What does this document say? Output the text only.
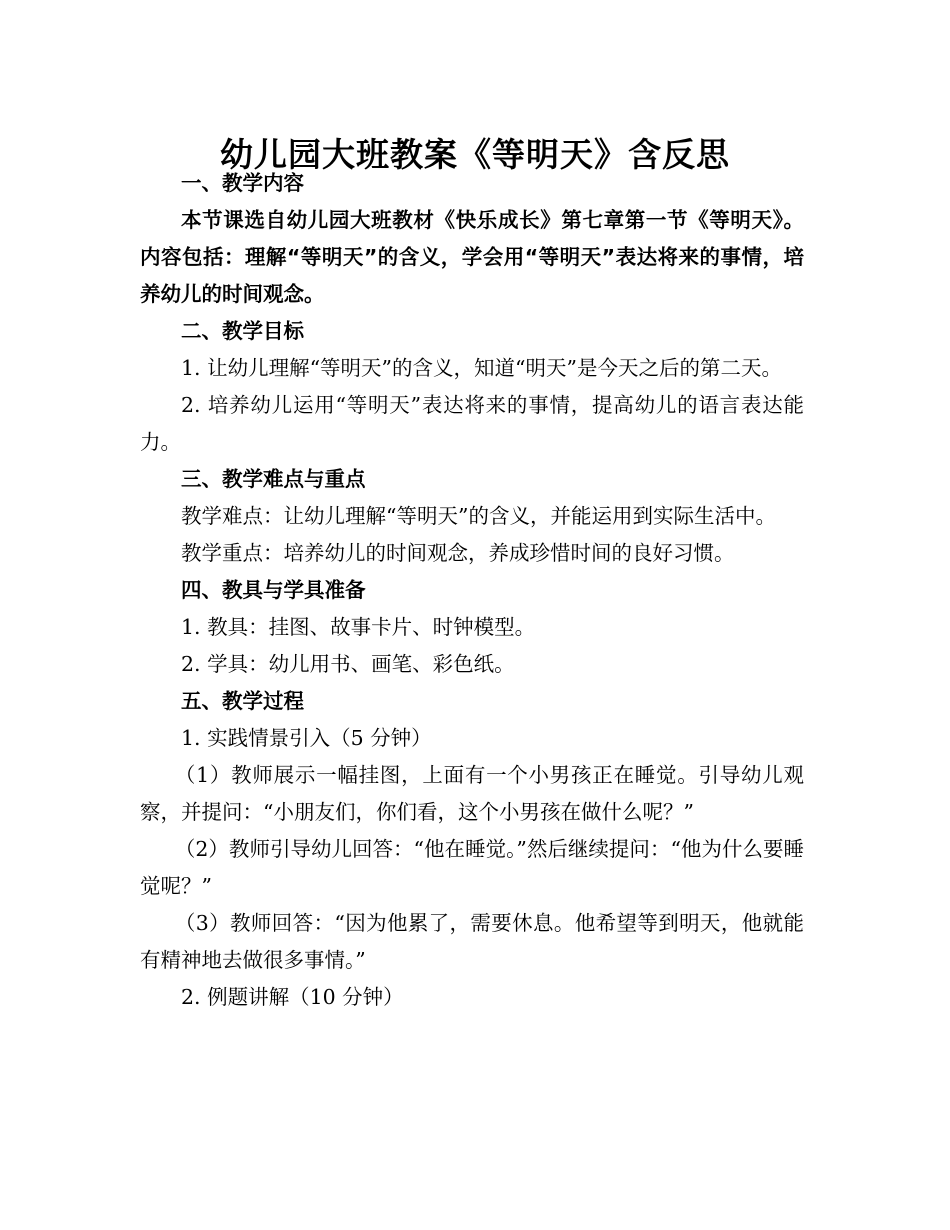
幼儿园大班教案《等明天》含反思

一、教学内容

本节课选自幼儿园大班教材《快乐成长》第七章第一节《等明天》。内容包括：理解“等明天”的含义，学会用“等明天”表达将来的事情，培养幼儿的时间观念。

二、教学目标

1. 让幼儿理解“等明天”的含义，知道“明天”是今天之后的第二天。

2. 培养幼儿运用“等明天”表达将来的事情，提高幼儿的语言表达能力。

三、教学难点与重点

教学难点：让幼儿理解“等明天”的含义，并能运用到实际生活中。

教学重点：培养幼儿的时间观念，养成珍惜时间的良好习惯。

四、教具与学具准备

1. 教具：挂图、故事卡片、时钟模型。

2. 学具：幼儿用书、画笔、彩色纸。

五、教学过程

1. 实践情景引入（5 分钟）

（1）教师展示一幅挂图，上面有一个小男孩正在睡觉。引导幼儿观察，并提问：“小朋友们，你们看，这个小男孩在做什么呢？”

（2）教师引导幼儿回答：“他在睡觉。”然后继续提问：“他为什么要睡觉呢？”

（3）教师回答：“因为他累了，需要休息。他希望等到明天，他就能有精神地去做很多事情。”

2. 例题讲解（10 分钟）
